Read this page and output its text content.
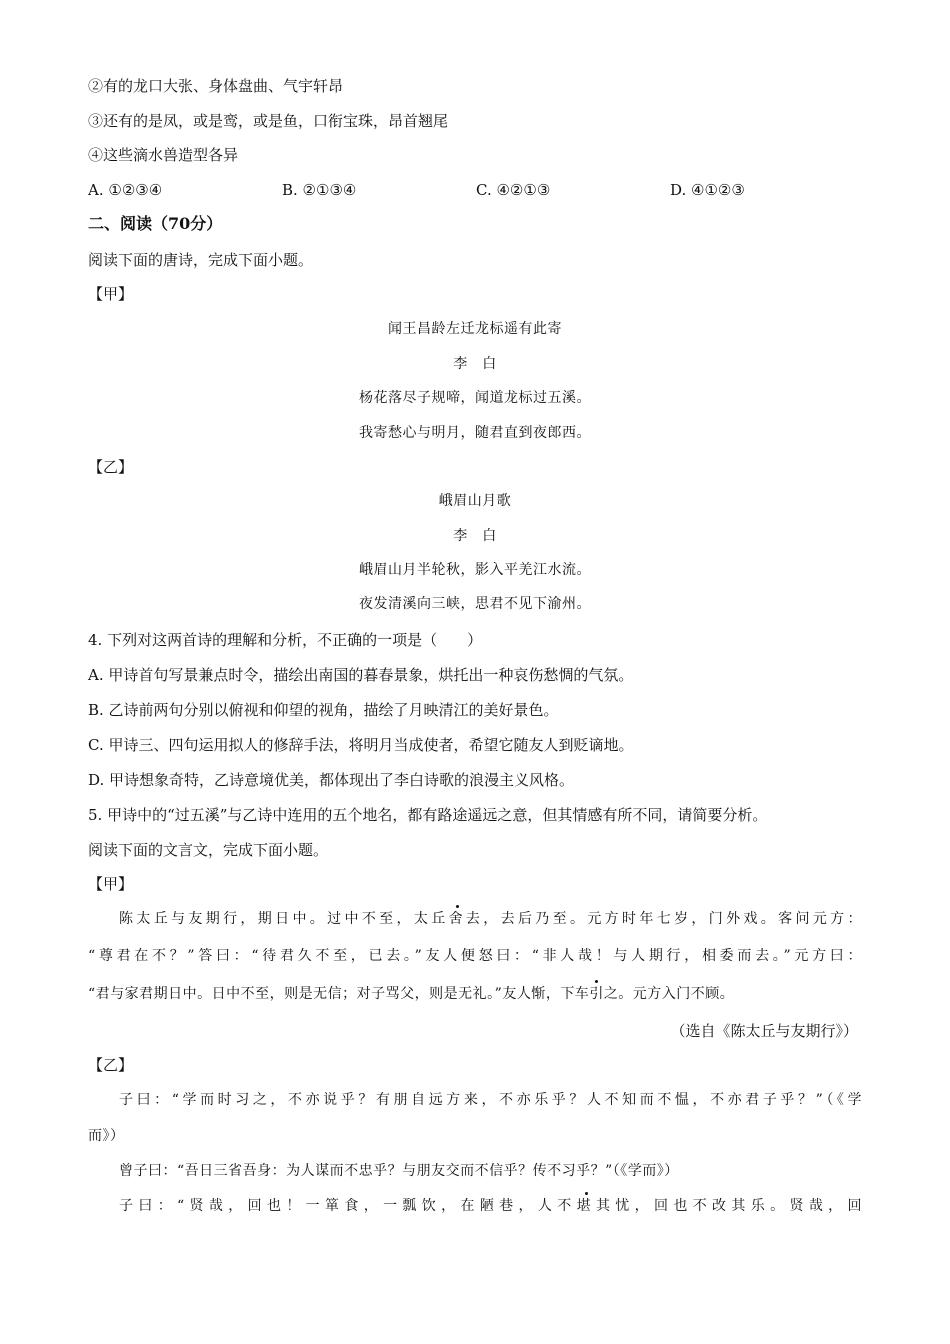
②有的龙口大张、身体盘曲、气宇轩昂
③还有的是凤，或是鸾，或是鱼，口衔宝珠，昂首翘尾
④这些滴水兽造型各异
A. ①②③④	B. ②①③④	C. ④②①③	D. ④①②③
二、阅读（70分）
阅读下面的唐诗，完成下面小题。
【甲】
闻王昌龄左迁龙标遥有此寄
李　白
杨花落尽子规啼，闻道龙标过五溪。
我寄愁心与明月，随君直到夜郎西。
【乙】
峨眉山月歌
李　白
峨眉山月半轮秋，影入平羌江水流。
夜发清溪向三峡，思君不见下渝州。
4. 下列对这两首诗的理解和分析，不正确的一项是（　　）
A. 甲诗首句写景兼点时令，描绘出南国的暮春景象，烘托出一种哀伤愁惆的气氛。
B. 乙诗前两句分别以俯视和仰望的视角，描绘了月映清江的美好景色。
C. 甲诗三、四句运用拟人的修辞手法，将明月当成使者，希望它随友人到贬谪地。
D. 甲诗想象奇特，乙诗意境优美，都体现出了李白诗歌的浪漫主义风格。
5. 甲诗中的“过五溪”与乙诗中连用的五个地名，都有路途遥远之意，但其情感有所不同，请简要分析。
阅读下面的文言文，完成下面小题。
【甲】
陈太丘与友期行，期日中。过中不至，太丘舍去，去后乃至。元方时年七岁，门外戏。客问元方：
“尊君在不？”答曰：“待君久不至，已去。”友人便怒曰：“非人哉！与人期行，相委而去。”元方曰：
“君与家君期日中。日中不至，则是无信；对子骂父，则是无礼。”友人惭，下车引之。元方入门不顾。
（选自《陈太丘与友期行》）
【乙】
子曰：“学而时习之，不亦说乎？有朋自远方来，不亦乐乎？人不知而不愠，不亦君子乎？”（《学
而》）
曾子曰：“吾日三省吾身：为人谋而不忠乎？与朋友交而不信乎？传不习乎？”（《学而》）
子曰：“贤哉，回也！一箪食，一瓢饮，在陋巷，人不堪其忧，回也不改其乐。贤哉，回
